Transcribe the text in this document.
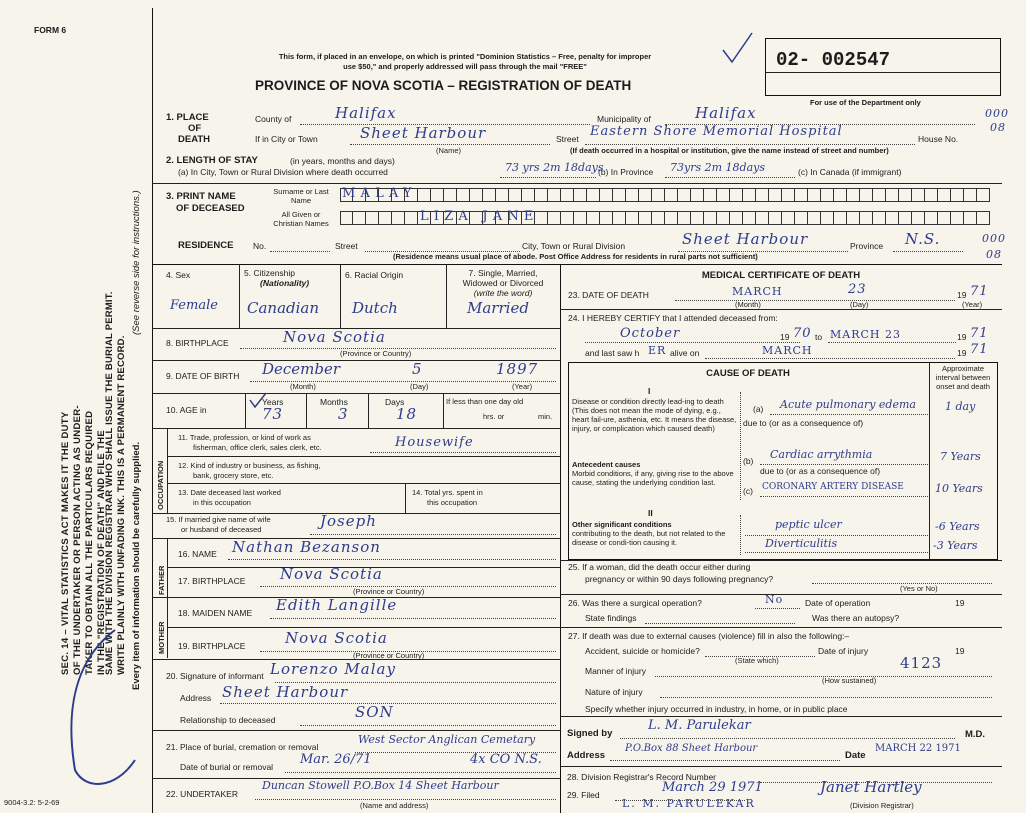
FORM 6
SEC. 14 – VITAL STATISTICS ACT MAKES IT THE DUTY OF THE UNDERTAKER OR PERSON ACTING AS UNDER- TAKER TO OBTAIN ALL THE PARTICULARS REQUIRED IN THE "REGISTRATION OF DEATH" AND FILE THE
SAME WITH THE DIVISION REGISTRAR WHO SHALL ISSUE THE BURIAL PERMIT. WRITE PLAINLY WITH UNFADING INK. THIS IS A PERMANENT RECORD.
(See reverse side for instructions.)
Every item of information should be carefully supplied.
9004-3.2: 5-2-69
This form, if placed in an envelope, on which is printed "Dominion Statistics – Free, penalty for improper
use $50," and properly addressed will pass through the mail "FREE"
PROVINCE OF NOVA SCOTIA – REGISTRATION OF DEATH
02- 002547
For use of the Department only
000
08
1. PLACE
OF
DEATH
County of	Halifax	Municipality of	Halifax
If in City or Town	Sheet Harbour
(Name)
Street Eastern Shore Memorial Hospital	House No.
(If death occurred in a hospital or institution, give the name instead of street and number)
2. LENGTH OF STAY	(in years, months and days)
(a) In City, Town or Rural Division where death occurred	73 yrs 2m 18days
(b) In Province 73yrs 2m 18days	(c) In Canada (if immigrant)
3. PRINT NAME
OF DECEASED
Surname or Last Name
All Given or Christian Names
MALAY
LIZA JANE
RESIDENCE No.	Street	City, Town or Rural Division	Sheet Harbour	Province N.S.	000
08
(Residence means usual place of abode. Post Office Address for residents in rural parts not sufficient)
4. Sex
Female
5. Citizenship
(Nationality)
Canadian
6. Racial Origin
Dutch
7. Single, Married,
Widowed or Divorced
(write the word)
Married
8. BIRTHPLACE	Nova Scotia
(Province or Country)
9. DATE OF BIRTH December	5	1897
(Month)	(Day)	(Year)
10. AGE in
Years	Months	Days
73	3	18
If less than one day old
hrs. or	min.
OCCUPATION
11. Trade, profession, or kind of work as
fisherman, office clerk, sales clerk, etc.	Housewife
12. Kind of industry or business, as fishing,
bank, grocery store, etc.
13. Date deceased last worked
in this occupation
14. Total yrs. spent in
this occupation
15. If married give name of wife
or husband of deceased	Joseph
FATHER
16. NAME Nathan Bezanson
17. BIRTHPLACE Nova Scotia
(Province or Country)
MOTHER
18. MAIDEN NAME Edith Langille
19. BIRTHPLACE	Nova Scotia
(Province or Country)
20. Signature of informant Lorenzo Malay
Address Sheet Harbour
Relationship to deceased	SON
21. Place of burial, cremation or removal
West Sector Anglican Cemetary
Date of burial or removal Mar. 26/71	4x CO N.S.
22. UNDERTAKER
Duncan Stowell P.O.Box 14 Sheet Harbour
(Name and address)
MEDICAL CERTIFICATE OF DEATH
23. DATE OF DEATH	MARCH	23	19 71
(Month)	(Day)	(Year)
24. I HEREBY CERTIFY that I attended deceased from:
October	19 70 to MARCH 23	19 71
and last saw h ER alive on	MARCH	19 71
CAUSE OF DEATH	Approximate interval between onset and death
I
Disease or condition directly lead-ing to death (This does not mean the mode of dying, e.g., heart fail-ure, asthenia, etc. It means the disease, injury, or complication which caused death)
Antecedent causes
Morbid conditions, if any, giving rise to the above cause, stating the underlying condition last.
(a) Acute pulmonary edema	1 day
due to (or as a consequence of)
(b) Cardiac arrythmia	7 Years
due to (or as a consequence of)
(c) CORONARY ARTERY DISEASE	10 Years
II
Other significant conditions
contributing to the death, but not related to the disease or condi-tion causing it.
peptic ulcer	-6 Years
Diverticulitis	-3 Years
25. If a woman, did the death occur either during
pregnancy or within 90 days following pregnancy?
(Yes or No)
26. Was there a surgical operation?	No	Date of operation	19
State findings	Was there an autopsy?
27. If death was due to external causes (violence) fill in also the following:–
Accident, suicide or homicide?	Date of injury	19
(State which)
Manner of injury	4123
(How sustained)
Nature of injury
Specify whether injury occurred in industry, in home, or in public place
Signed by
L. M. Parulekar
M.D.
Address
P.O.Box 88 Sheet Harbour
Date
MARCH 22 1971
28. Division Registrar's Record Number
29. Filed	March 29 1971	Janet Hartley
(Division Registrar)
L. M. PARULEKAR
